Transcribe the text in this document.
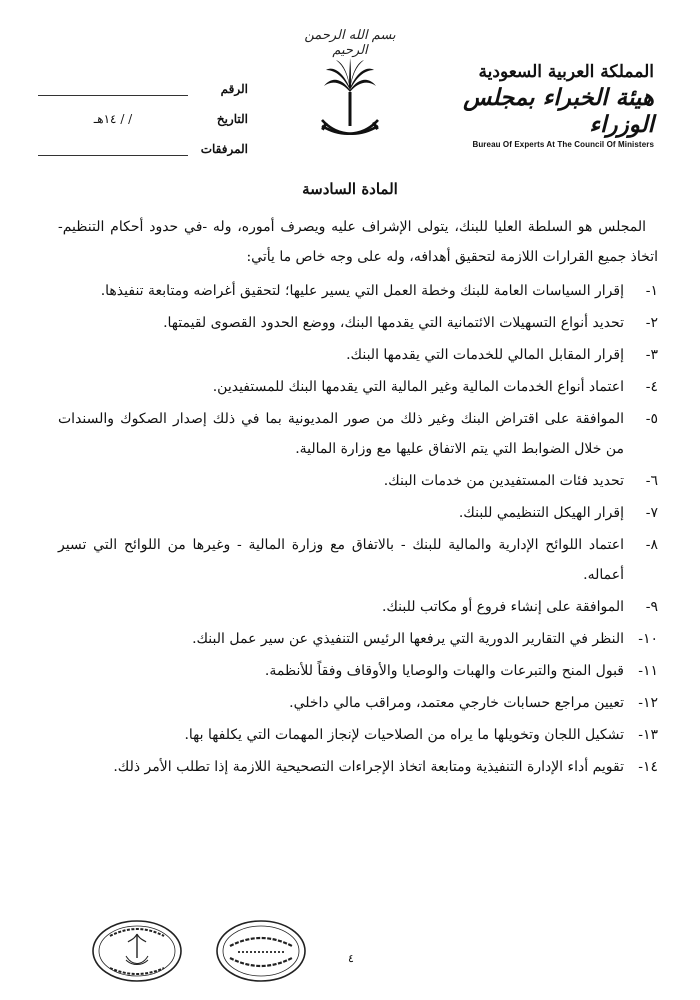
بسم الله الرحمن الرحيم
المملكة العربية السعودية
هيئة الخبراء بمجلس الوزراء
Bureau Of Experts At The Council Of Ministers
الرقم
التاريخ
/ / ١٤هـ
المرفقات
المادة السادسة

المجلس هو السلطة العليا للبنك، يتولى الإشراف عليه ويصرف أموره، وله -في حدود أحكام التنظيم- اتخاذ جميع القرارات اللازمة لتحقيق أهدافه، وله على وجه خاص ما يأتي:

١-
إقرار السياسات العامة للبنك وخطة العمل التي يسير عليها؛ لتحقيق أغراضه ومتابعة تنفيذها.
٢-
تحديد أنواع التسهيلات الائتمانية التي يقدمها البنك، ووضع الحدود القصوى لقيمتها.
٣-
إقرار المقابل المالي للخدمات التي يقدمها البنك.
٤-
اعتماد أنواع الخدمات المالية وغير المالية التي يقدمها البنك للمستفيدين.
٥-
الموافقة على اقتراض البنك وغير ذلك من صور المديونية بما في ذلك إصدار الصكوك والسندات من خلال الضوابط التي يتم الاتفاق عليها مع وزارة المالية.
٦-
تحديد فئات المستفيدين من خدمات البنك.
٧-
إقرار الهيكل التنظيمي للبنك.
٨-
اعتماد اللوائح الإدارية والمالية للبنك - بالاتفاق مع وزارة المالية - وغيرها من اللوائح التي تسير أعماله.
٩-
الموافقة على إنشاء فروع أو مكاتب للبنك.
١٠-
النظر في التقارير الدورية التي يرفعها الرئيس التنفيذي عن سير عمل البنك.
١١-
قبول المنح والتبرعات والهبات والوصايا والأوقاف وفقاً للأنظمة.
١٢-
تعيين مراجع حسابات خارجي معتمد، ومراقب مالي داخلي.
١٣-
تشكيل اللجان وتخويلها ما يراه من الصلاحيات لإنجاز المهمات التي يكلفها بها.
١٤-
تقويم أداء الإدارة التنفيذية ومتابعة اتخاذ الإجراءات التصحيحية اللازمة إذا تطلب الأمر ذلك.
٤
